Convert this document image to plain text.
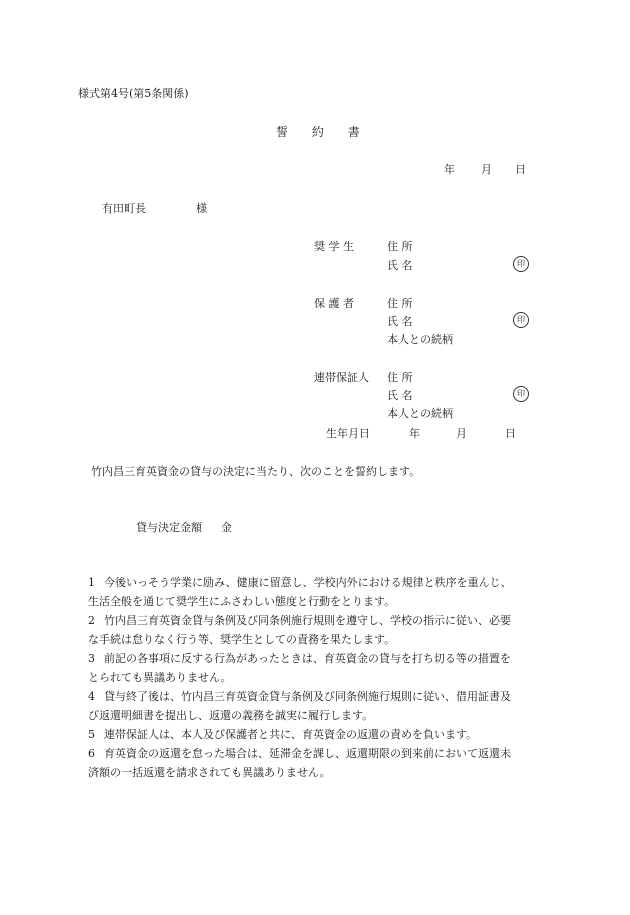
様式第4号(第5条関係)
誓 約 書
年 月 日
有田町長	様
奨 学 生	住 所
氏 名	印
保 護 者	住 所
氏 名	印
本人との続柄
連帯保証人 住 所
氏 名	印
本人との続柄
生年月日	年	月	日
竹内昌三育英資金の貸与の決定に当たり、次のことを誓約します。
貸与決定金額 金
1 今後いっそう学業に励み、健康に留意し、学校内外における規律と秩序を重んじ、
生活全般を通じて奨学生にふさわしい態度と行動をとります。
2 竹内昌三育英資金貸与条例及び同条例施行規則を遵守し、学校の指示に従い、必要
な手続は怠りなく行う等、奨学生としての責務を果たします。
3 前記の各事項に反する行為があったときは、育英資金の貸与を打ち切る等の措置を
とられても異議ありません。
4 貸与終了後は、竹内昌三育英資金貸与条例及び同条例施行規則に従い、借用証書及
び返還明細書を提出し、返還の義務を誠実に履行します。
5 連帯保証人は、本人及び保護者と共に、育英資金の返還の責めを負います。
6 育英資金の返還を怠った場合は、延滞金を課し、返還期限の到来前において返還未
済額の一括返還を請求されても異議ありません。
